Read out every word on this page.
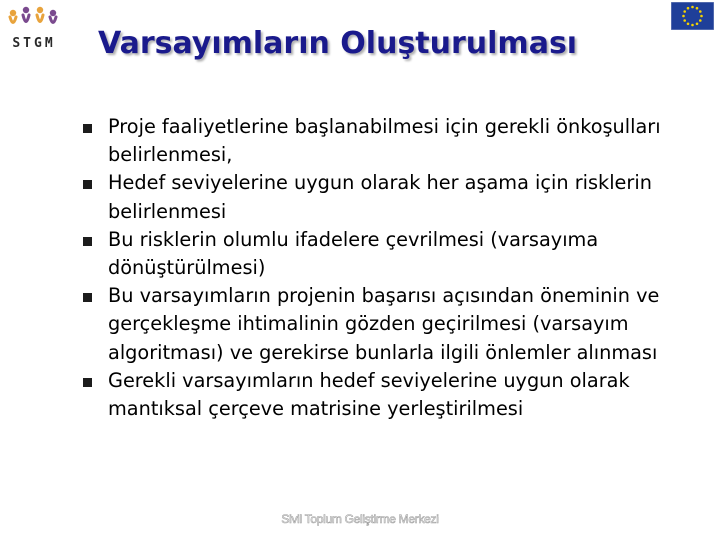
STGM Varsayımların Oluşturulması
Proje faaliyetlerine başlanabilmesi için gerekli önkoşulları belirlenmesi,
Hedef seviyelerine uygun olarak her aşama için risklerin belirlenmesi
Bu risklerin olumlu ifadelere çevrilmesi (varsayıma dönüştürülmesi)
Bu varsayımların projenin başarısı açısından öneminin ve gerçekleşme ihtimalinin gözden geçirilmesi (varsayım algoritması) ve gerekirse bunlarla ilgili önlemler alınması
Gerekli varsayımların hedef seviyelerine uygun olarak mantıksal çerçeve matrisine yerleştirilmesi
Sivil Toplum Geliştirme Merkezi
